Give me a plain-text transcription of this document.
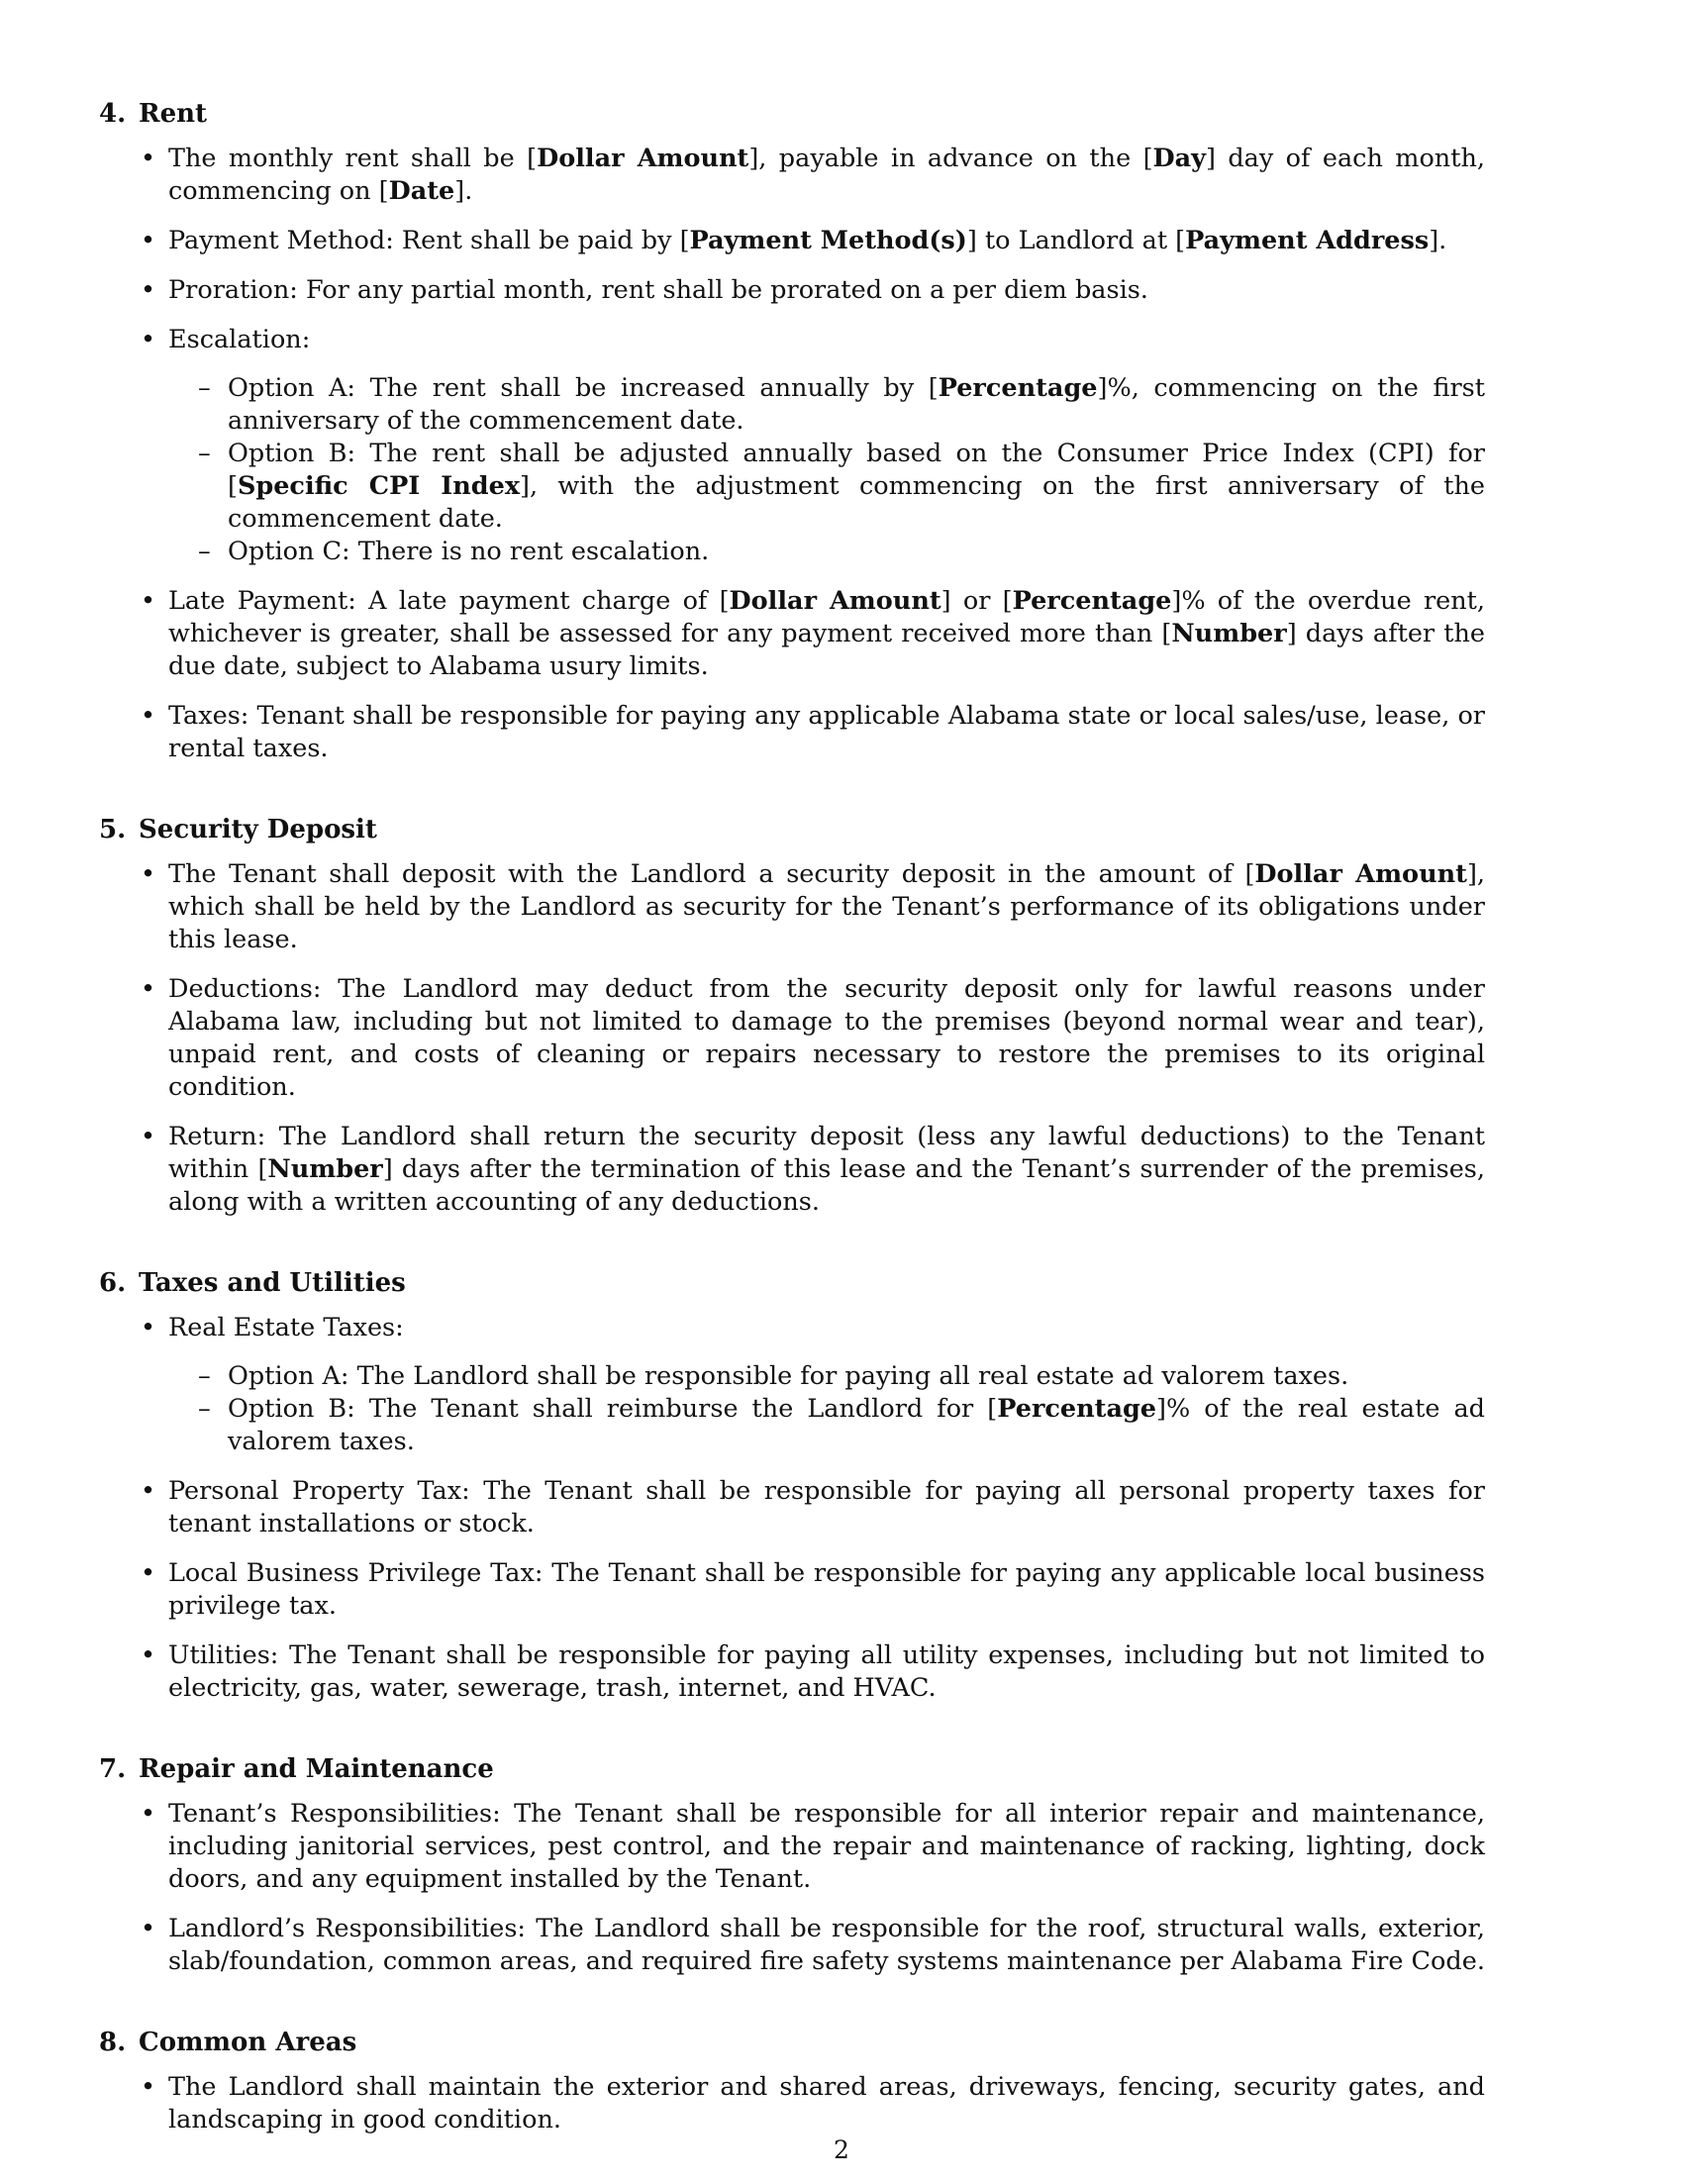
4. Rent
• The monthly rent shall be [Dollar Amount], payable in advance on the [Day] day of each month, commencing on [Date].
• Payment Method: Rent shall be paid by [Payment Method(s)] to Landlord at [Payment Address].
• Proration: For any partial month, rent shall be prorated on a per diem basis.
• Escalation:
– Option A: The rent shall be increased annually by [Percentage]%, commencing on the first anniversary of the commencement date.
– Option B: The rent shall be adjusted annually based on the Consumer Price Index (CPI) for [Specific CPI Index], with the adjustment commencing on the first anniversary of the commencement date.
– Option C: There is no rent escalation.
• Late Payment: A late payment charge of [Dollar Amount] or [Percentage]% of the overdue rent, whichever is greater, shall be assessed for any payment received more than [Number] days after the due date, subject to Alabama usury limits.
• Taxes: Tenant shall be responsible for paying any applicable Alabama state or local sales/use, lease, or rental taxes.
5. Security Deposit
• The Tenant shall deposit with the Landlord a security deposit in the amount of [Dollar Amount], which shall be held by the Landlord as security for the Tenant’s performance of its obligations under this lease.
• Deductions: The Landlord may deduct from the security deposit only for lawful reasons under Alabama law, including but not limited to damage to the premises (beyond normal wear and tear), unpaid rent, and costs of cleaning or repairs necessary to restore the premises to its original condition.
• Return: The Landlord shall return the security deposit (less any lawful deductions) to the Tenant within [Number] days after the termination of this lease and the Tenant’s surrender of the premises, along with a written accounting of any deductions.
6. Taxes and Utilities
• Real Estate Taxes:
– Option A: The Landlord shall be responsible for paying all real estate ad valorem taxes.
– Option B: The Tenant shall reimburse the Landlord for [Percentage]% of the real estate ad valorem taxes.
• Personal Property Tax: The Tenant shall be responsible for paying all personal property taxes for tenant installations or stock.
• Local Business Privilege Tax: The Tenant shall be responsible for paying any applicable local business privilege tax.
• Utilities: The Tenant shall be responsible for paying all utility expenses, including but not limited to electricity, gas, water, sewerage, trash, internet, and HVAC.
7. Repair and Maintenance
• Tenant’s Responsibilities: The Tenant shall be responsible for all interior repair and maintenance, including janitorial services, pest control, and the repair and maintenance of racking, lighting, dock doors, and any equipment installed by the Tenant.
• Landlord’s Responsibilities: The Landlord shall be responsible for the roof, structural walls, exterior, slab/foundation, common areas, and required fire safety systems maintenance per Alabama Fire Code.
8. Common Areas
• The Landlord shall maintain the exterior and shared areas, driveways, fencing, security gates, and landscaping in good condition.
2
